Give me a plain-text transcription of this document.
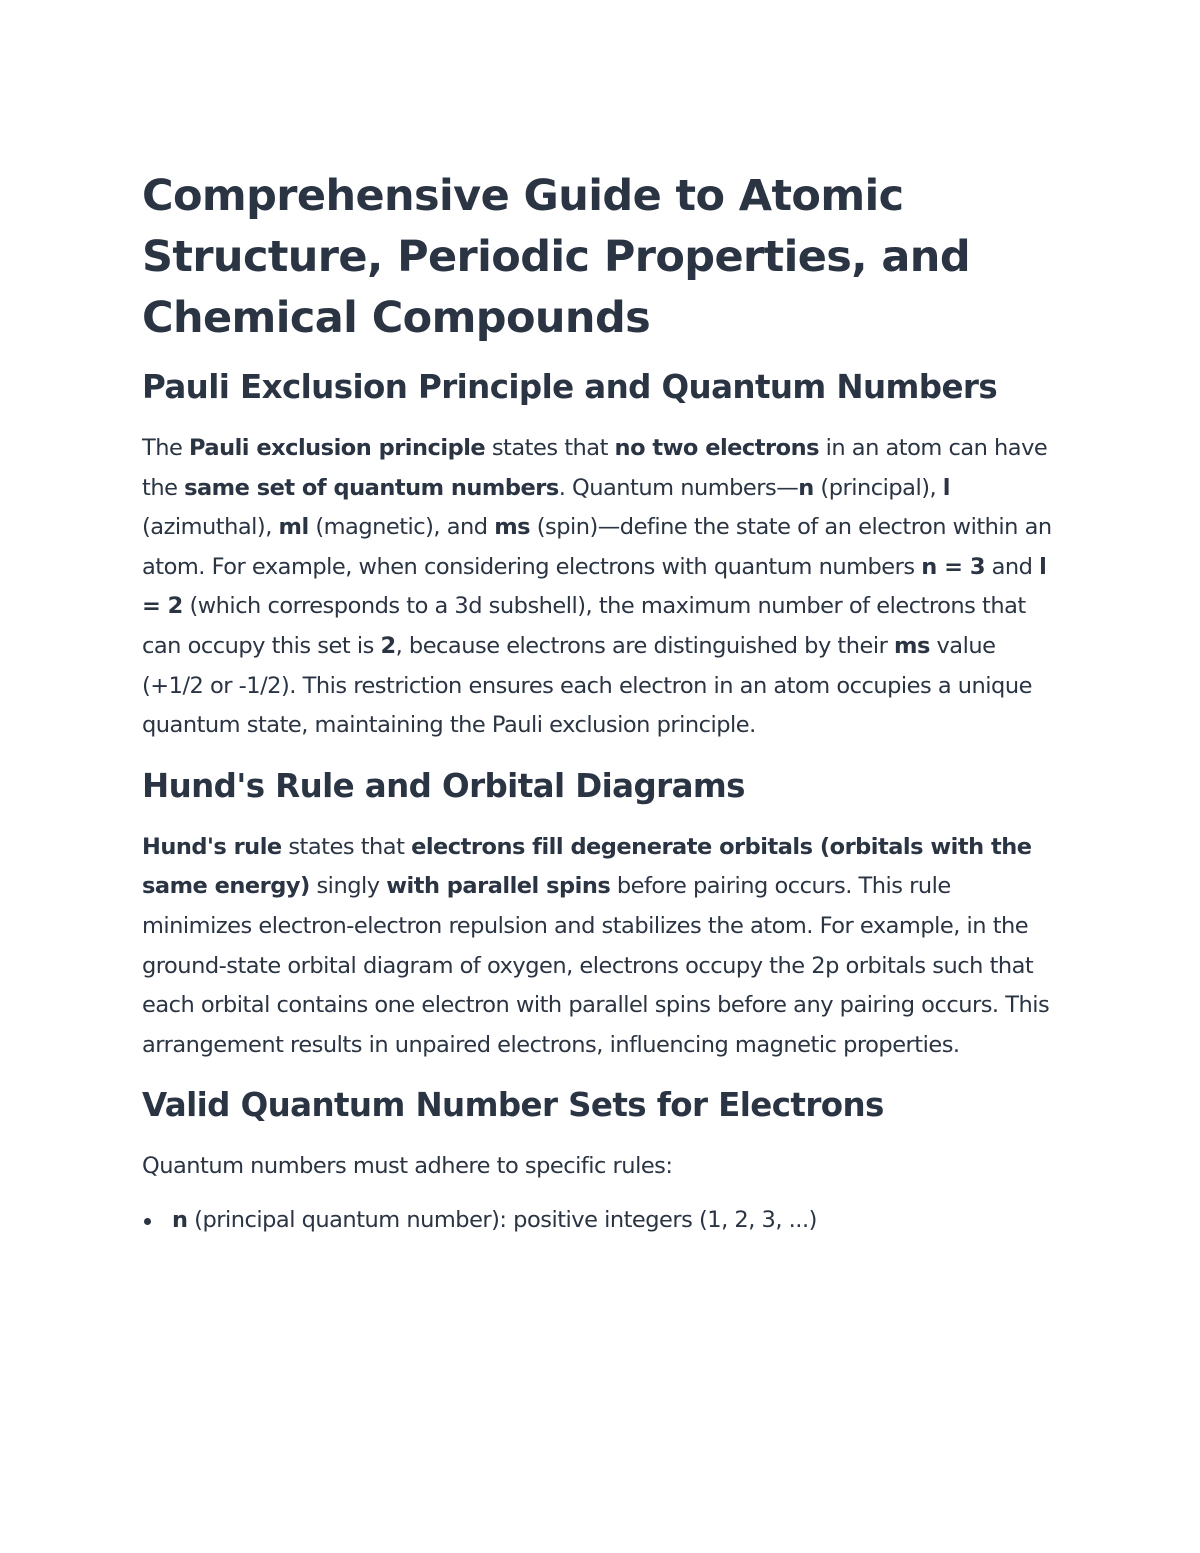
Comprehensive Guide to Atomic Structure, Periodic Properties, and Chemical Compounds
Pauli Exclusion Principle and Quantum Numbers

The Pauli exclusion principle states that no two electrons in an atom can have the same set of quantum numbers. Quantum numbers—n (principal), l (azimuthal), ml (magnetic), and ms (spin)—define the state of an electron within an atom. For example, when considering electrons with quantum numbers n = 3 and l = 2 (which corresponds to a 3d subshell), the maximum number of electrons that can occupy this set is 2, because electrons are distinguished by their ms value (+1/2 or -1/2). This restriction ensures each electron in an atom occupies a unique quantum state, maintaining the Pauli exclusion principle.

Hund's Rule and Orbital Diagrams

Hund's rule states that electrons fill degenerate orbitals (orbitals with the same energy) singly with parallel spins before pairing occurs. This rule minimizes electron-electron repulsion and stabilizes the atom. For example, in the ground-state orbital diagram of oxygen, electrons occupy the 2p orbitals such that each orbital contains one electron with parallel spins before any pairing occurs. This arrangement results in unpaired electrons, influencing magnetic properties.

Valid Quantum Number Sets for Electrons

Quantum numbers must adhere to specific rules:

n (principal quantum number): positive integers (1, 2, 3, ...)
